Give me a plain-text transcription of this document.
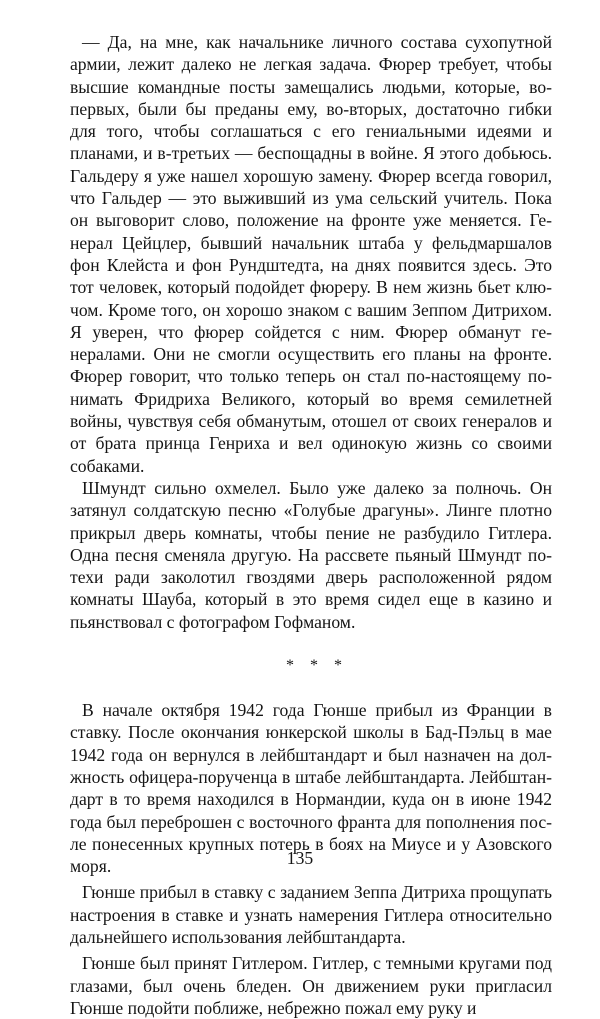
— Да, на мне, как начальнике личного состава сухопутной армии, лежит далеко не легкая задача. Фюрер требует, чтобы высшие командные посты замещались людьми, которые, во-первых, были бы преданы ему, во-вторых, достаточно гибки для того, чтобы соглашаться с его гениальными идеями и планами, и в-третьих — беспощадны в войне. Я этого добьюсь. Гальдеру я уже нашел хорошую замену. Фюрер всегда говорил, что Гальдер — это выживший из ума сельский учитель. Пока он выговорит слово, положение на фронте уже меняется. Генерал Цейцлер, бывший начальник штаба у фельдмаршалов фон Клейста и фон Рундштедта, на днях появится здесь. Это тот человек, который подойдет фюреру. В нем жизнь бьет ключом. Кроме того, он хорошо знаком с вашим Зеппом Дитрихом. Я уверен, что фюрер сойдется с ним. Фюрер обманут генералами. Они не смогли осуществить его планы на фронте. Фюрер говорит, что только теперь он стал по-настоящему понимать Фридриха Великого, который во время семилетней войны, чувствуя себя обманутым, отошел от своих генералов и от брата принца Генриха и вел одинокую жизнь со своими собаками.

Шмундт сильно охмелел. Было уже далеко за полночь. Он затянул солдатскую песню «Голубые драгуны». Линге плотно прикрыл дверь комнаты, чтобы пение не разбудило Гитлера. Одна песня сменяла другую. На рассвете пьяный Шмундт потехи ради заколотил гвоздями дверь расположенной рядом комнаты Шауба, который в это время сидел еще в казино и пьянствовал с фотографом Гофманом.

* * *

В начале октября 1942 года Гюнше прибыл из Франции в ставку. После окончания юнкерской школы в Бад-Пэльц в мае 1942 года он вернулся в лейбштандарт и был назначен на должность офицера-порученца в штабе лейбштандарта. Лейбштандарт в то время находился в Нормандии, куда он в июне 1942 года был переброшен с восточного франта для пополнения после понесенных крупных потерь в боях на Миусе и у Азовского моря.

Гюнше прибыл в ставку с заданием Зеппа Дитриха прощупать настроения в ставке и узнать намерения Гитлера относительно дальнейшего использования лейбштандарта.

Гюнше был принят Гитлером. Гитлер, с темными кругами под глазами, был очень бледен. Он движением руки пригласил Гюнше подойти поближе, небрежно пожал ему руку и

135
